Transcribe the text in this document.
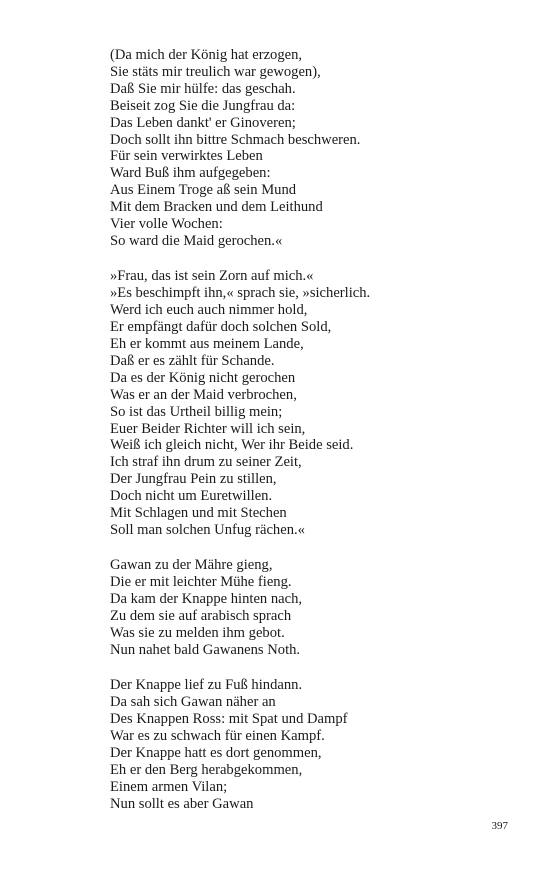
(Da mich der König hat erzogen,
Sie stäts mir treulich war gewogen),
Daß Sie mir hülfe: das geschah.
Beiseit zog Sie die Jungfrau da:
Das Leben dankt' er Ginoveren;
Doch sollt ihn bittre Schmach beschweren.
Für sein verwirktes Leben
Ward Buß ihm aufgegeben:
Aus Einem Troge aß sein Mund
Mit dem Bracken und dem Leithund
Vier volle Wochen:
So ward die Maid gerochen.«
»Frau, das ist sein Zorn auf mich.«
»Es beschimpft ihn,« sprach sie, »sicherlich.
Werd ich euch auch nimmer hold,
Er empfängt dafür doch solchen Sold,
Eh er kommt aus meinem Lande,
Daß er es zählt für Schande.
Da es der König nicht gerochen
Was er an der Maid verbrochen,
So ist das Urtheil billig mein;
Euer Beider Richter will ich sein,
Weiß ich gleich nicht, Wer ihr Beide seid.
Ich straf ihn drum zu seiner Zeit,
Der Jungfrau Pein zu stillen,
Doch nicht um Euretwillen.
Mit Schlagen und mit Stechen
Soll man solchen Unfug rächen.«
Gawan zu der Mähre gieng,
Die er mit leichter Mühe fieng.
Da kam der Knappe hinten nach,
Zu dem sie auf arabisch sprach
Was sie zu melden ihm gebot.
Nun nahet bald Gawanens Noth.
Der Knappe lief zu Fuß hindann.
Da sah sich Gawan näher an
Des Knappen Ross: mit Spat und Dampf
War es zu schwach für einen Kampf.
Der Knappe hatt es dort genommen,
Eh er den Berg herabgekommen,
Einem armen Vilan;
Nun sollt es aber Gawan
397
